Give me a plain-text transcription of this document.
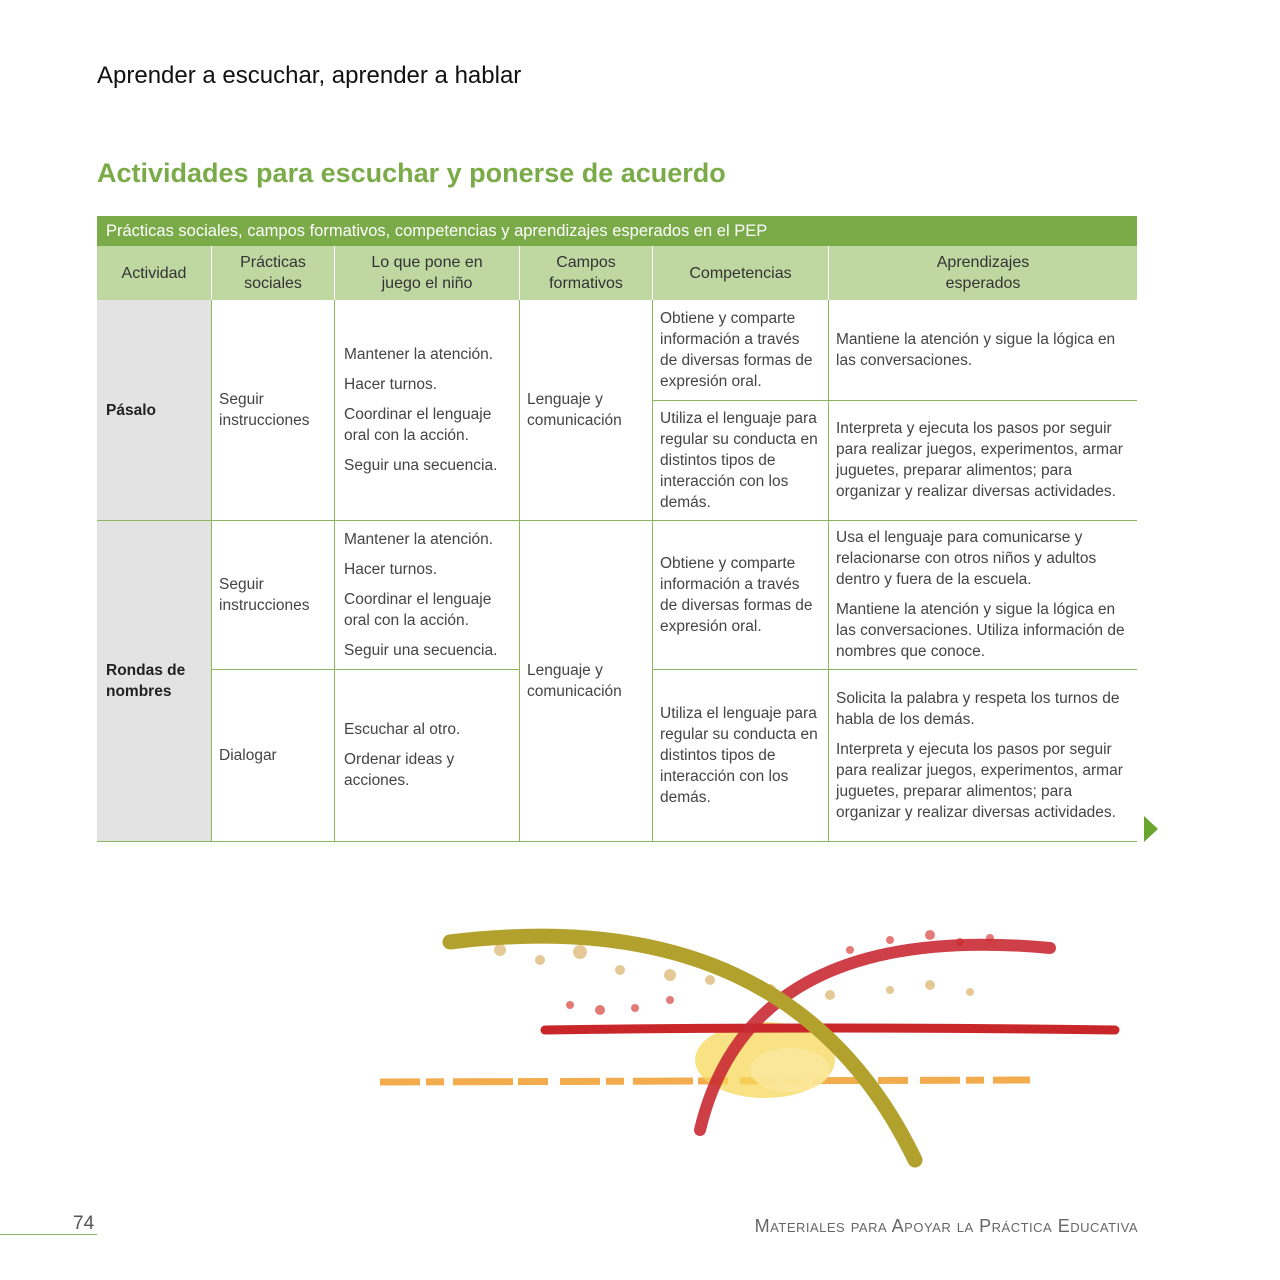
Aprender a escuchar, aprender a hablar
Actividades para escuchar y ponerse de acuerdo
Prácticas sociales, campos formativos, competencias y aprendizajes esperados en el PEP
Actividad
Prácticas sociales
Lo que pone en juego el niño
Campos formativos
Competencias
Aprendizajes esperados
Pásalo
Seguir instrucciones

Mantener la atención.

Hacer turnos.

Coordinar el lenguaje oral con la acción.

Seguir una secuencia.

Lenguaje y comunicación
Obtiene y comparte información a través de diversas formas de expresión oral.
Mantiene la atención y sigue la lógica en las conversaciones.
Utiliza el lenguaje para regular su conducta en distintos tipos de interacción con los demás.
Interpreta y ejecuta los pasos por seguir para realizar juegos, experimentos, armar juguetes, preparar alimentos; para organizar y realizar diversas actividades.
Rondas de nombres
Seguir instrucciones

Mantener la atención.

Hacer turnos.

Coordinar el lenguaje oral con la acción.

Seguir una secuencia.

Dialogar

Escuchar al otro.

Ordenar ideas y acciones.

Lenguaje y comunicación
Obtiene y comparte información a través de diversas formas de expresión oral.

Usa el lenguaje para comunicarse y relacionarse con otros niños y adultos dentro y fuera de la escuela.

Mantiene la atención y sigue la lógica en las conversaciones. Utiliza información de nombres que conoce.

Utiliza el lenguaje para regular su conducta en distintos tipos de interacción con los demás.

Solicita la palabra y respeta los turnos de habla de los demás.

Interpreta y ejecuta los pasos por seguir para realizar juegos, experimentos, armar juguetes, preparar alimentos; para organizar y realizar diversas actividades.

74	Materiales para Apoyar la Práctica Educativa
